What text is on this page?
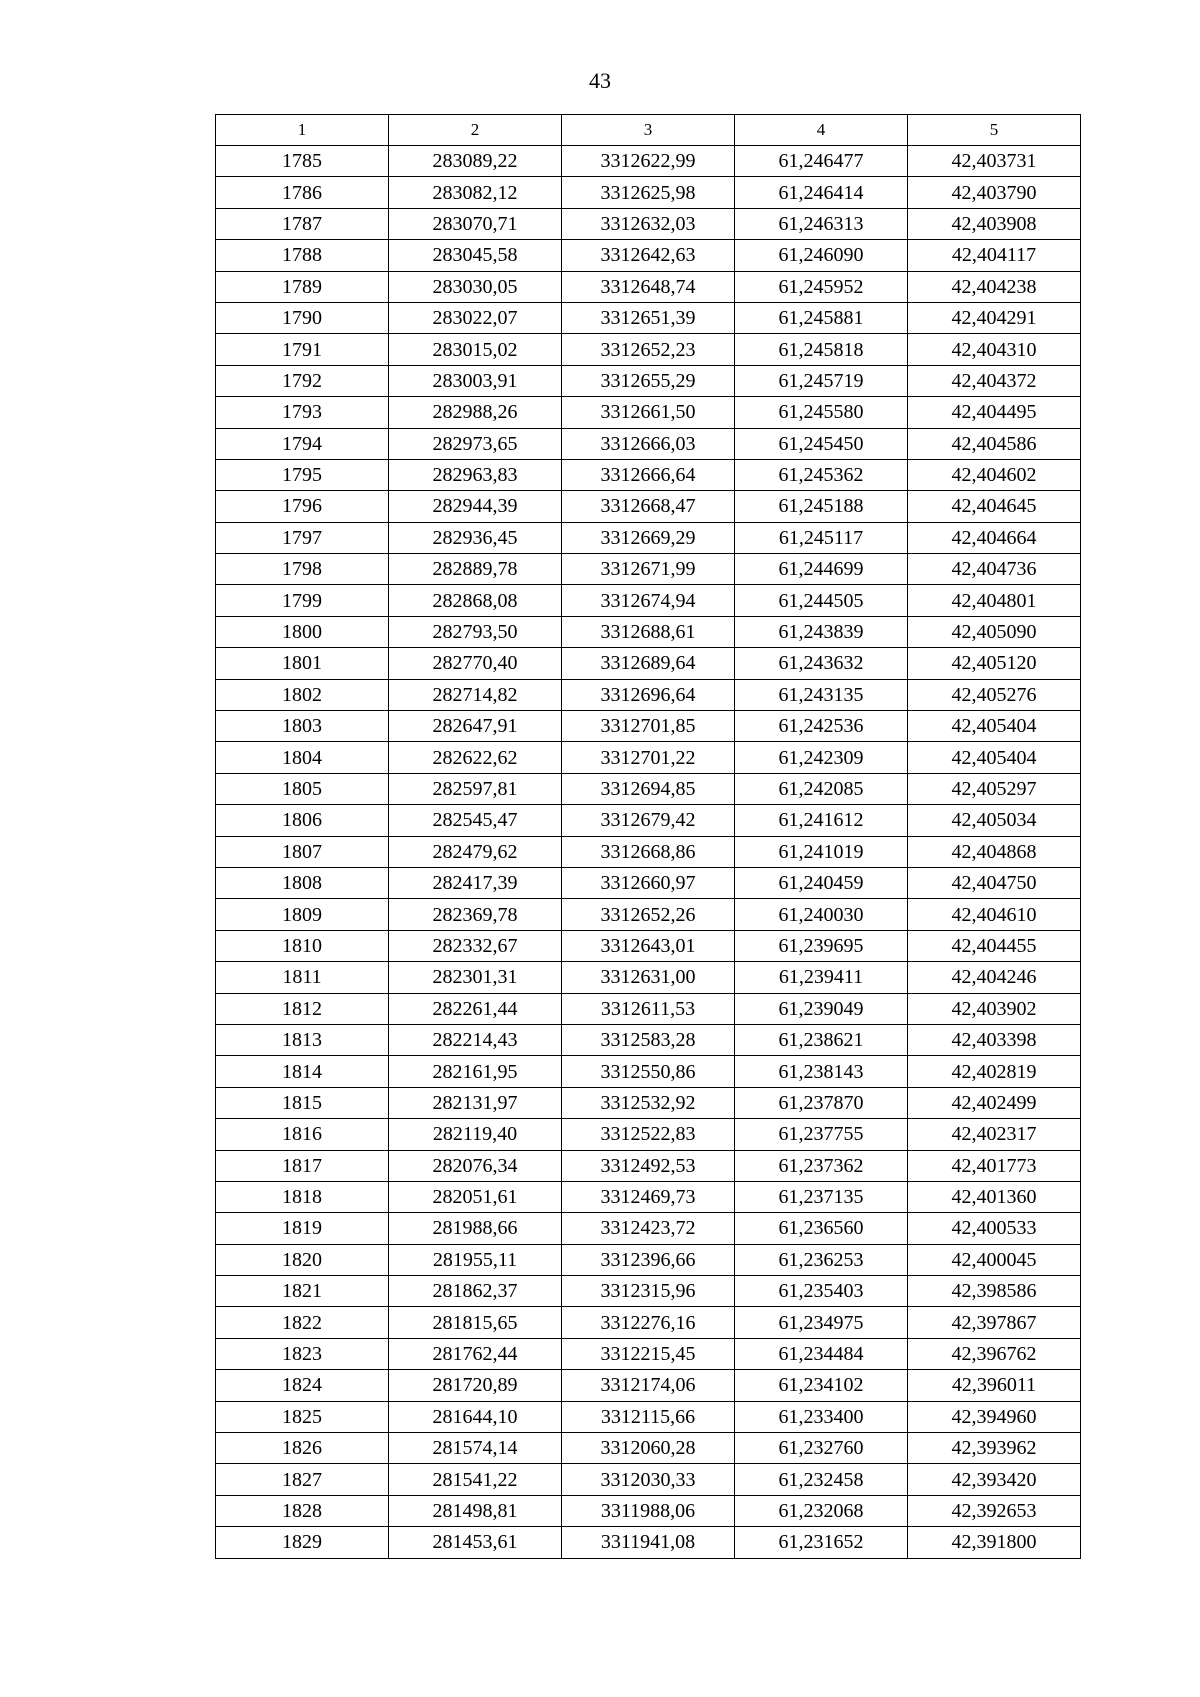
43
1	2	3	4	5
1785	283089,22	3312622,99	61,246477	42,403731
1786	283082,12	3312625,98	61,246414	42,403790
1787	283070,71	3312632,03	61,246313	42,403908
1788	283045,58	3312642,63	61,246090	42,404117
1789	283030,05	3312648,74	61,245952	42,404238
1790	283022,07	3312651,39	61,245881	42,404291
1791	283015,02	3312652,23	61,245818	42,404310
1792	283003,91	3312655,29	61,245719	42,404372
1793	282988,26	3312661,50	61,245580	42,404495
1794	282973,65	3312666,03	61,245450	42,404586
1795	282963,83	3312666,64	61,245362	42,404602
1796	282944,39	3312668,47	61,245188	42,404645
1797	282936,45	3312669,29	61,245117	42,404664
1798	282889,78	3312671,99	61,244699	42,404736
1799	282868,08	3312674,94	61,244505	42,404801
1800	282793,50	3312688,61	61,243839	42,405090
1801	282770,40	3312689,64	61,243632	42,405120
1802	282714,82	3312696,64	61,243135	42,405276
1803	282647,91	3312701,85	61,242536	42,405404
1804	282622,62	3312701,22	61,242309	42,405404
1805	282597,81	3312694,85	61,242085	42,405297
1806	282545,47	3312679,42	61,241612	42,405034
1807	282479,62	3312668,86	61,241019	42,404868
1808	282417,39	3312660,97	61,240459	42,404750
1809	282369,78	3312652,26	61,240030	42,404610
1810	282332,67	3312643,01	61,239695	42,404455
1811	282301,31	3312631,00	61,239411	42,404246
1812	282261,44	3312611,53	61,239049	42,403902
1813	282214,43	3312583,28	61,238621	42,403398
1814	282161,95	3312550,86	61,238143	42,402819
1815	282131,97	3312532,92	61,237870	42,402499
1816	282119,40	3312522,83	61,237755	42,402317
1817	282076,34	3312492,53	61,237362	42,401773
1818	282051,61	3312469,73	61,237135	42,401360
1819	281988,66	3312423,72	61,236560	42,400533
1820	281955,11	3312396,66	61,236253	42,400045
1821	281862,37	3312315,96	61,235403	42,398586
1822	281815,65	3312276,16	61,234975	42,397867
1823	281762,44	3312215,45	61,234484	42,396762
1824	281720,89	3312174,06	61,234102	42,396011
1825	281644,10	3312115,66	61,233400	42,394960
1826	281574,14	3312060,28	61,232760	42,393962
1827	281541,22	3312030,33	61,232458	42,393420
1828	281498,81	3311988,06	61,232068	42,392653
1829	281453,61	3311941,08	61,231652	42,391800
